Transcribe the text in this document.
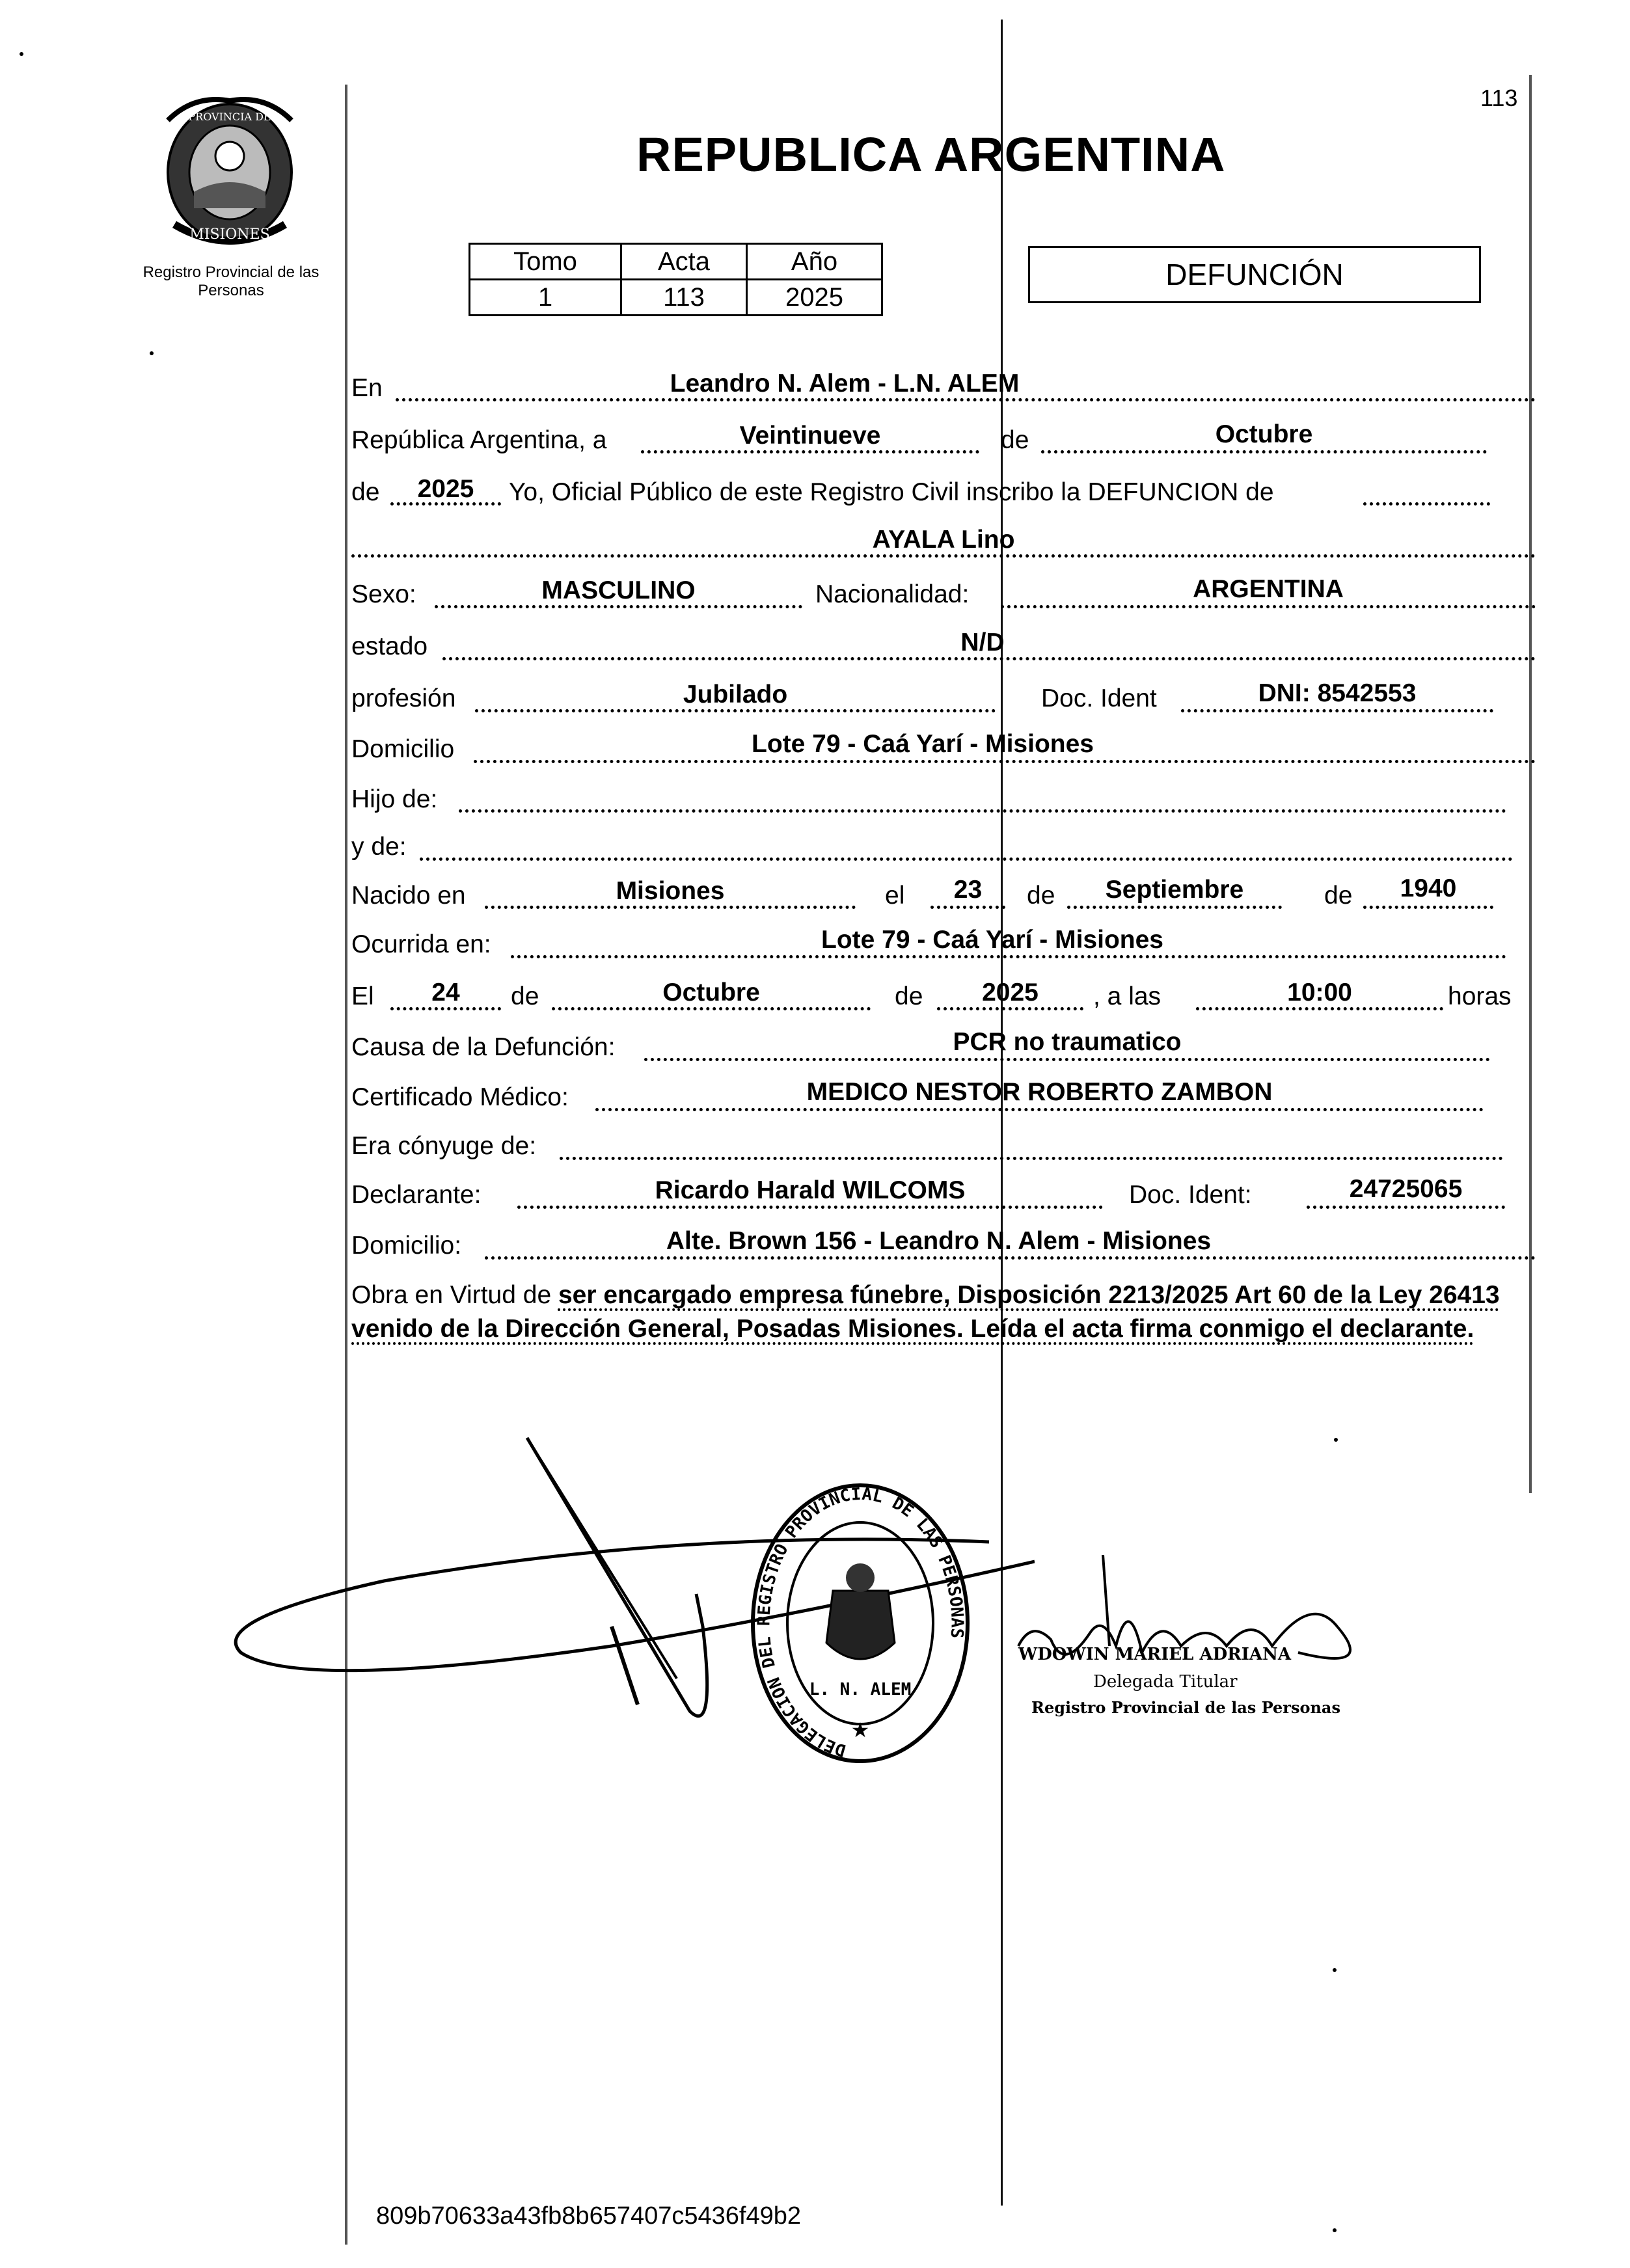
113
PROVINCIA DE
MISIONES
Registro Provincial de las Personas
REPUBLICA ARGENTINA
Tomo	Acta	Año
1	113	2025
DEFUNCIÓN
En	Leandro N. Alem - L.N. ALEM
República Argentina, a	Veintinueve	de	Octubre
de	2025	Yo, Oficial Público de este Registro Civil inscribo la DEFUNCION de
AYALA Lino
Sexo:	MASCULINO	Nacionalidad:	ARGENTINA
estado	N/D
profesión	Jubilado	Doc. Ident	DNI: 8542553
Domicilio	Lote 79 - Caá Yarí - Misiones
Hijo de:
y de:
Nacido en	Misiones	el	23	de	Septiembre	de	1940
Ocurrida en:	Lote 79 - Caá Yarí - Misiones
El	24	de	Octubre	de	2025	, a las	10:00	horas
Causa de la Defunción:	PCR no traumatico
Certificado Médico:	MEDICO NESTOR ROBERTO ZAMBON
Era cónyuge de:
Declarante:	Ricardo Harald WILCOMS	Doc. Ident:	24725065
Domicilio:	Alte. Brown 156 - Leandro N. Alem - Misiones
Obra en Virtud de ser encargado empresa fúnebre, Disposición 2213/2025 Art 60 de la Ley 26413 venido de la Dirección General, Posadas Misiones. Leída el acta firma conmigo el declarante.
DELEGACION DEL REGISTRO PROVINCIAL DE LAS PERSONAS
L. N. ALEM
★
WDOWIN MARIEL ADRIANA
Delegada Titular
Registro Provincial de las Personas
809b70633a43fb8b657407c5436f49b2
